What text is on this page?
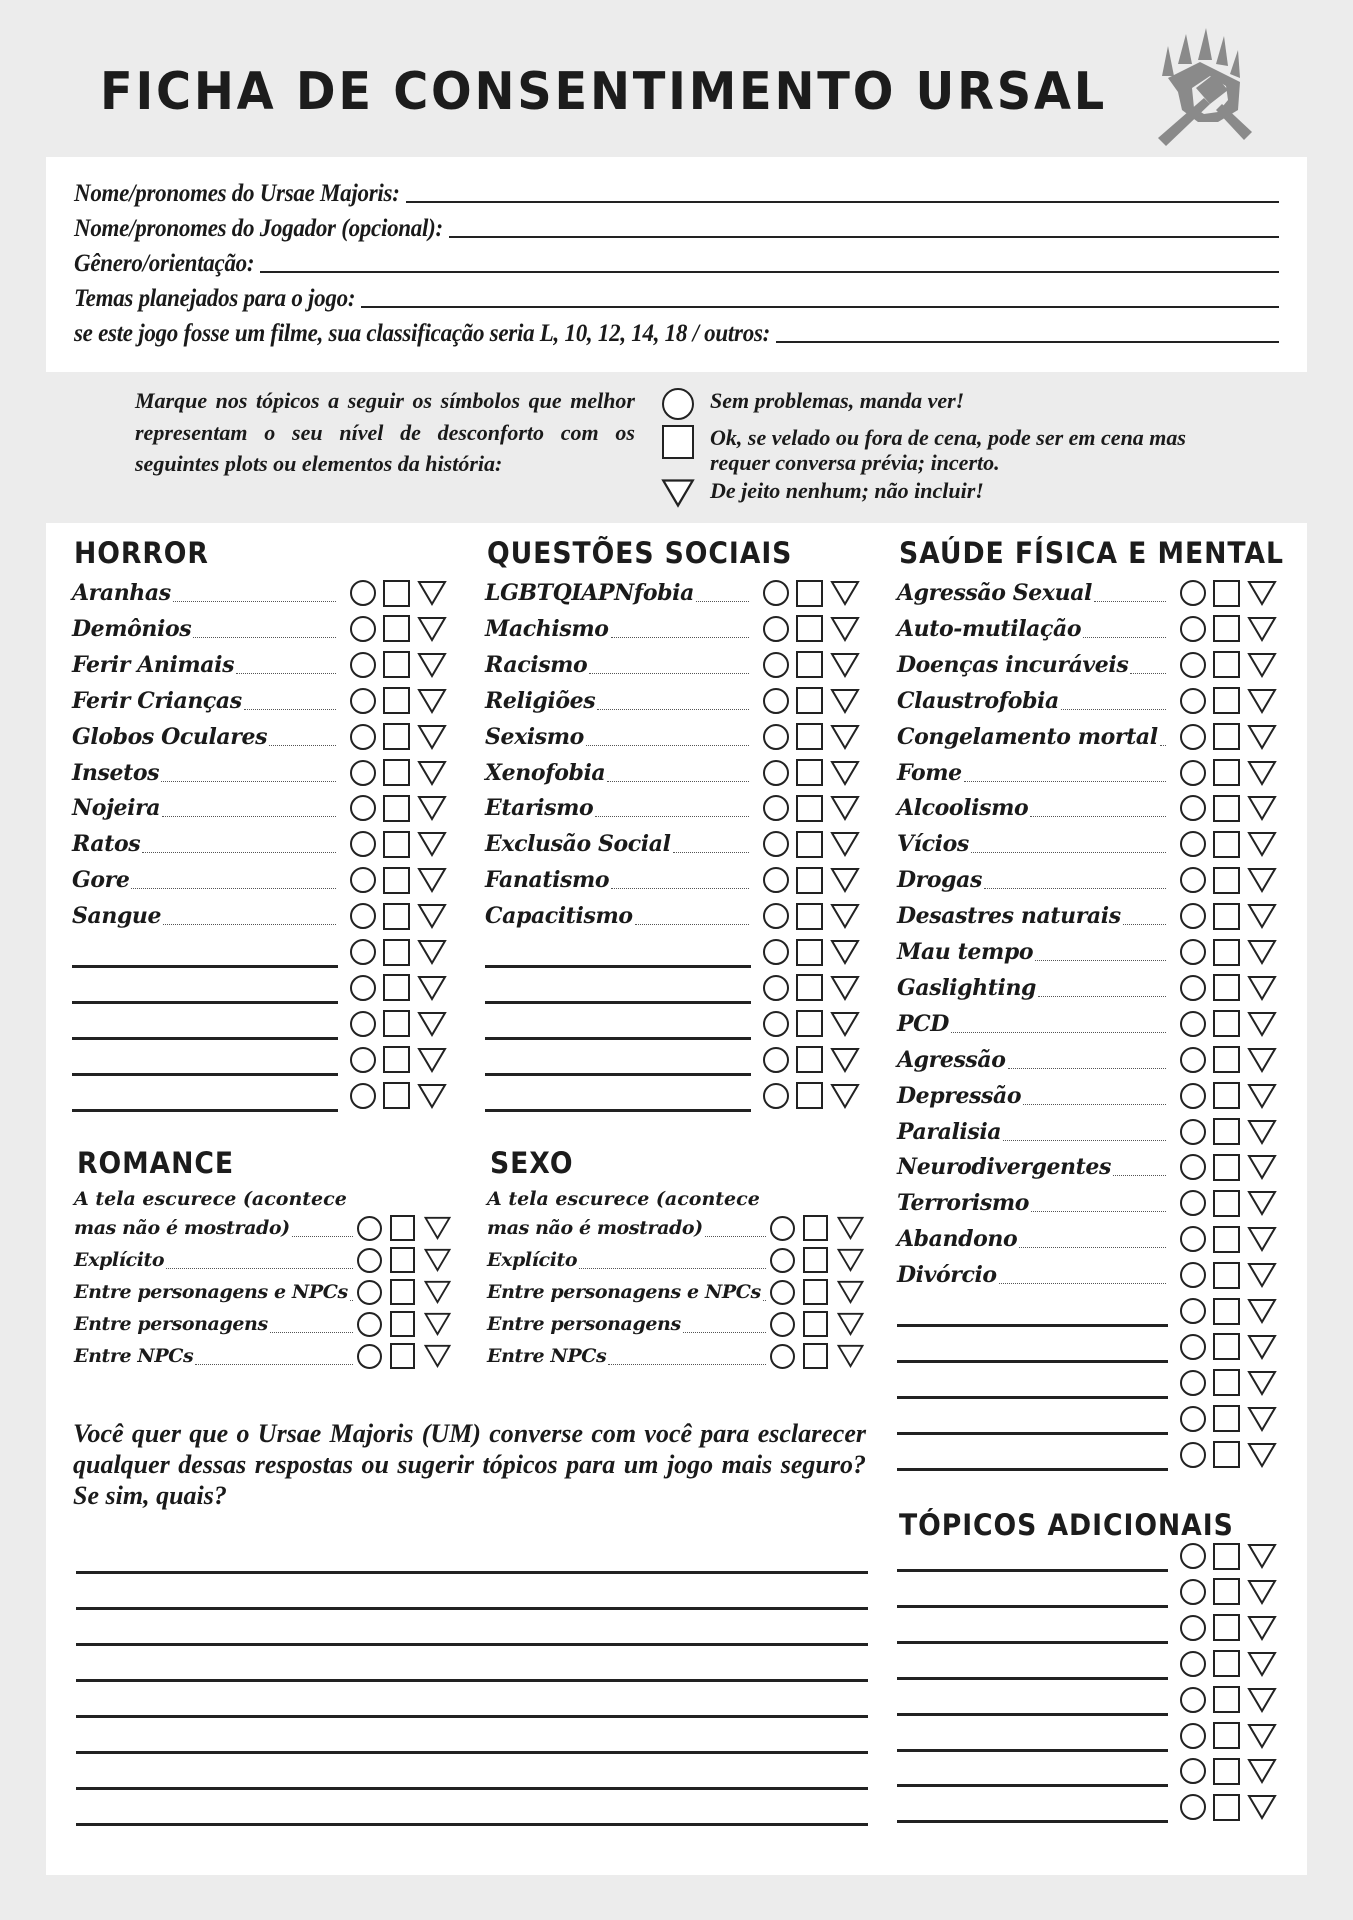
FICHA DE CONSENTIMENTO URSAL
Nome/pronomes do Ursae Majoris:
Nome/pronomes do Jogador (opcional):
Gênero/orientação:
Temas planejados para o jogo:
se este jogo fosse um filme, sua classificação seria L, 10, 12, 14, 18 / outros:
Marque nos tópicos a seguir os símbolos que melhor representam o seu nível de desconforto com os seguintes plots ou elementos da história:
Sem problemas, manda ver!
Ok, se velado ou fora de cena, pode ser em cena mas requer conversa prévia; incerto.
De jeito nenhum; não incluir!
HORROR	QUESTÕES SOCIAIS	SAÚDE FÍSICA E MENTAL
ROMANCE	SEXO
TÓPICOS ADICIONAIS
Aranhas
Demônios
Ferir Animais
Ferir Crianças
Globos Oculares
Insetos
Nojeira
Ratos
Gore
Sangue
LGBTQIAPNfobia
Machismo
Racismo
Religiões
Sexismo
Xenofobia
Etarismo
Exclusão Social
Fanatismo
Capacitismo
Agressão Sexual
Auto-mutilação
Doenças incuráveis
Claustrofobia
Congelamento mortal
Fome
Alcoolismo
Vícios
Drogas
Desastres naturais
Mau tempo
Gaslighting
PCD
Agressão
Depressão
Paralisia
Neurodivergentes
Terrorismo
Abandono
Divórcio
A tela escurece (acontece
mas não é mostrado)
Explícito
Entre personagens e NPCs
Entre personagens
Entre NPCs
A tela escurece (acontece
mas não é mostrado)
Explícito
Entre personagens e NPCs
Entre personagens
Entre NPCs
Você quer que o Ursae Majoris (UM) converse com você para esclarecer qualquer dessas respostas ou sugerir tópicos para um jogo mais seguro? Se sim, quais?
